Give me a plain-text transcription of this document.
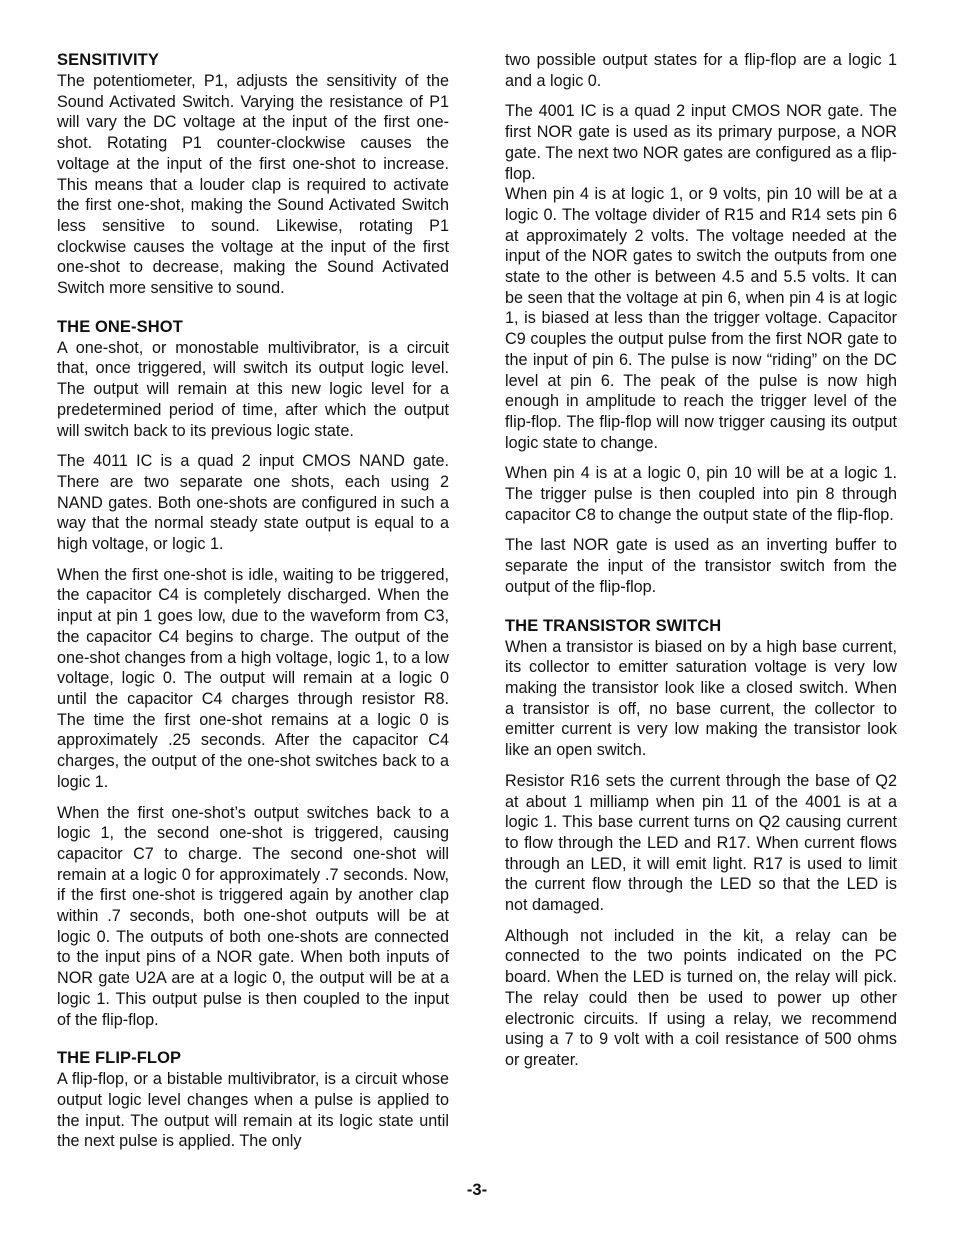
SENSITIVITY

The potentiometer, P1, adjusts the sensitivity of the Sound Activated Switch. Varying the resistance of P1 will vary the DC voltage at the input of the first one-shot. Rotating P1 counter-clockwise causes the voltage at the input of the first one-shot to increase. This means that a louder clap is required to activate the first one-shot, making the Sound Activated Switch less sensitive to sound. Likewise, rotating P1 clockwise causes the voltage at the input of the first one-shot to decrease, making the Sound Activated Switch more sensitive to sound.

THE ONE-SHOT

A one-shot, or monostable multivibrator, is a circuit that, once triggered, will switch its output logic level. The output will remain at this new logic level for a predetermined period of time, after which the output will switch back to its previous logic state.

The 4011 IC is a quad 2 input CMOS NAND gate. There are two separate one shots, each using 2 NAND gates. Both one-shots are configured in such a way that the normal steady state output is equal to a high voltage, or logic 1.

When the first one-shot is idle, waiting to be triggered, the capacitor C4 is completely discharged. When the input at pin 1 goes low, due to the waveform from C3, the capacitor C4 begins to charge. The output of the one-shot changes from a high voltage, logic 1, to a low voltage, logic 0. The output will remain at a logic 0 until the capacitor C4 charges through resistor R8. The time the first one-shot remains at a logic 0 is approximately .25 seconds. After the capacitor C4 charges, the output of the one-shot switches back to a logic 1.

When the first one-shot’s output switches back to a logic 1, the second one-shot is triggered, causing capacitor C7 to charge. The second one-shot will remain at a logic 0 for approximately .7 seconds. Now, if the first one-shot is triggered again by another clap within .7 seconds, both one-shot outputs will be at logic 0. The outputs of both one-shots are connected to the input pins of a NOR gate. When both inputs of NOR gate U2A are at a logic 0, the output will be at a logic 1. This output pulse is then coupled to the input of the flip-flop.

THE FLIP-FLOP

A flip-flop, or a bistable multivibrator, is a circuit whose output logic level changes when a pulse is applied to the input. The output will remain at its logic state until the next pulse is applied. The only

two possible output states for a flip-flop are a logic 1 and a logic 0.

The 4001 IC is a quad 2 input CMOS NOR gate. The first NOR gate is used as its primary purpose, a NOR gate. The next two NOR gates are configured as a flip-flop.

When pin 4 is at logic 1, or 9 volts, pin 10 will be at a logic 0. The voltage divider of R15 and R14 sets pin 6 at approximately 2 volts. The voltage needed at the input of the NOR gates to switch the outputs from one state to the other is between 4.5 and 5.5 volts. It can be seen that the voltage at pin 6, when pin 4 is at logic 1, is biased at less than the trigger voltage. Capacitor C9 couples the output pulse from the first NOR gate to the input of pin 6. The pulse is now “riding” on the DC level at pin 6. The peak of the pulse is now high enough in amplitude to reach the trigger level of the flip-flop. The flip-flop will now trigger causing its output logic state to change.

When pin 4 is at a logic 0, pin 10 will be at a logic 1. The trigger pulse is then coupled into pin 8 through capacitor C8 to change the output state of the flip-flop.

The last NOR gate is used as an inverting buffer to separate the input of the transistor switch from the output of the flip-flop.

THE TRANSISTOR SWITCH

When a transistor is biased on by a high base current, its collector to emitter saturation voltage is very low making the transistor look like a closed switch. When a transistor is off, no base current, the collector to emitter current is very low making the transistor look like an open switch.

Resistor R16 sets the current through the base of Q2 at about 1 milliamp when pin 11 of the 4001 is at a logic 1. This base current turns on Q2 causing current to flow through the LED and R17. When current flows through an LED, it will emit light. R17 is used to limit the current flow through the LED so that the LED is not damaged.

Although not included in the kit, a relay can be connected to the two points indicated on the PC board. When the LED is turned on, the relay will pick. The relay could then be used to power up other electronic circuits. If using a relay, we recommend using a 7 to 9 volt with a coil resistance of 500 ohms or greater.

-3-
